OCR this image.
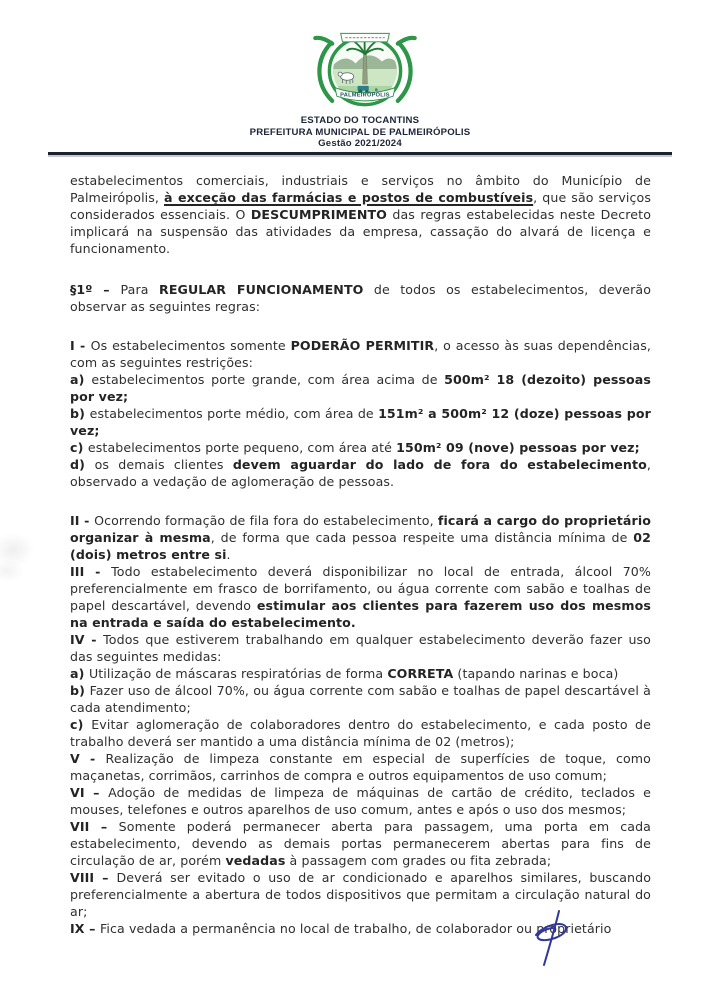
PALMEIRÓPOLIS
ESTADO DO TOCANTINS
PREFEITURA MUNICIPAL DE PALMEIRÓPOLIS
Gestão 2021/2024

estabelecimentos comerciais, industriais e serviços no âmbito do Município de Palmeirópolis, à exceção das farmácias e postos de combustíveis, que são serviços considerados essenciais. O DESCUMPRIMENTO das regras estabelecidas neste Decreto implicará na suspensão das atividades da empresa, cassação do alvará de licença e funcionamento.

§1º – Para REGULAR FUNCIONAMENTO de todos os estabelecimentos, deverão observar as seguintes regras:

I - Os estabelecimentos somente PODERÃO PERMITIR, o acesso às suas dependências, com as seguintes restrições:

a) estabelecimentos porte grande, com área acima de 500m² 18 (dezoito) pessoas por vez;

b) estabelecimentos porte médio, com área de 151m² a 500m² 12 (doze) pessoas por vez;

c) estabelecimentos porte pequeno, com área até 150m² 09 (nove) pessoas por vez;

d) os demais clientes devem aguardar do lado de fora do estabelecimento, observado a vedação de aglomeração de pessoas.

II - Ocorrendo formação de fila fora do estabelecimento, ficará a cargo do proprietário organizar à mesma, de forma que cada pessoa respeite uma distância mínima de 02 (dois) metros entre si.

III - Todo estabelecimento deverá disponibilizar no local de entrada, álcool 70% preferencialmente em frasco de borrifamento, ou água corrente com sabão e toalhas de papel descartável, devendo estimular aos clientes para fazerem uso dos mesmos na entrada e saída do estabelecimento.

IV - Todos que estiverem trabalhando em qualquer estabelecimento deverão fazer uso das seguintes medidas:

a) Utilização de máscaras respiratórias de forma CORRETA (tapando narinas e boca)

b) Fazer uso de álcool 70%, ou água corrente com sabão e toalhas de papel descartável à cada atendimento;

c) Evitar aglomeração de colaboradores dentro do estabelecimento, e cada posto de trabalho deverá ser mantido a uma distância mínima de 02 (metros);

V - Realização de limpeza constante em especial de superfícies de toque, como maçanetas, corrimãos, carrinhos de compra e outros equipamentos de uso comum;

VI – Adoção de medidas de limpeza de máquinas de cartão de crédito, teclados e mouses, telefones e outros aparelhos de uso comum, antes e após o uso dos mesmos;

VII – Somente poderá permanecer aberta para passagem, uma porta em cada estabelecimento, devendo as demais portas permanecerem abertas para fins de circulação de ar, porém vedadas à passagem com grades ou fita zebrada;

VIII – Deverá ser evitado o uso de ar condicionado e aparelhos similares, buscando preferencialmente a abertura de todos dispositivos que permitam a circulação natural do ar;

IX – Fica vedada a permanência no local de trabalho, de colaborador ou proprietário
